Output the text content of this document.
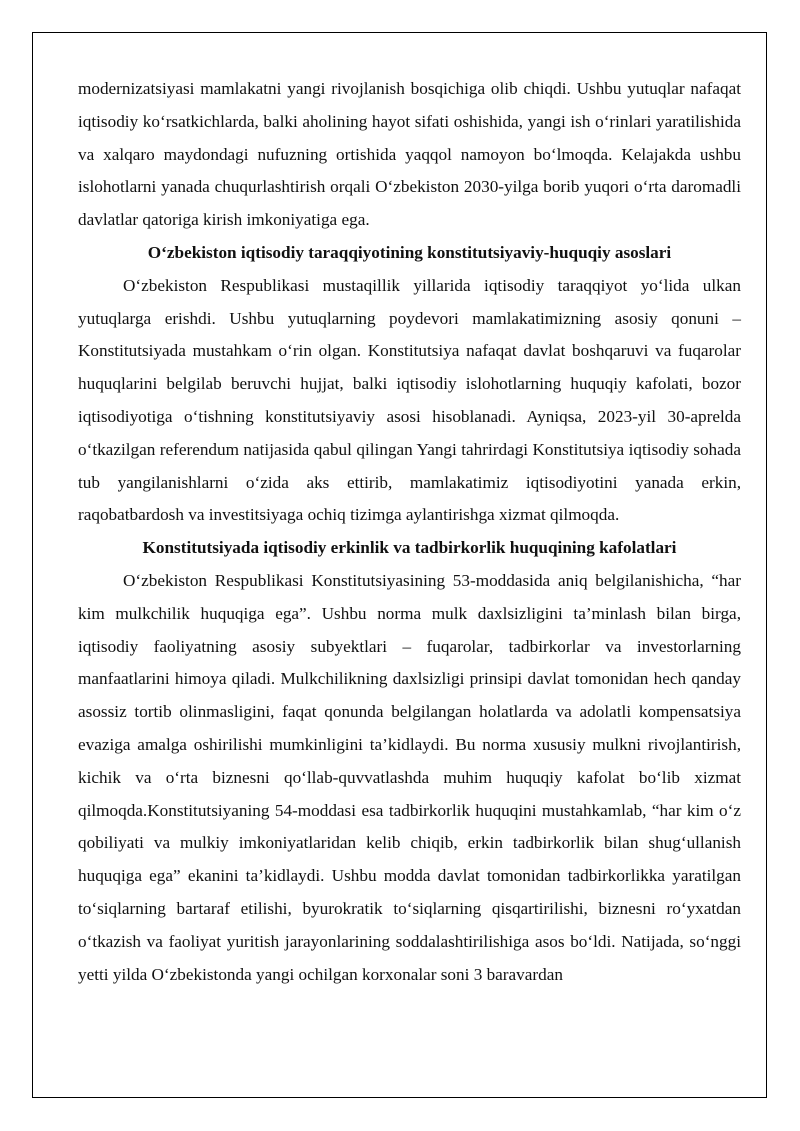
modernizatsiyasi mamlakatni yangi rivojlanish bosqichiga olib chiqdi. Ushbu yutuqlar nafaqat iqtisodiy ko‘rsatkichlarda, balki aholining hayot sifati oshishida, yangi ish o‘rinlari yaratilishida va xalqaro maydondagi nufuzning ortishida yaqqol namoyon bo‘lmoqda. Kelajakda ushbu islohotlarni yanada chuqurlashtirish orqali O‘zbekiston 2030-yilga borib yuqori o‘rta daromadli davlatlar qatoriga kirish imkoniyatiga ega.

O‘zbekiston iqtisodiy taraqqiyotining konstitutsiyaviy-huquqiy asoslari

O‘zbekiston Respublikasi mustaqillik yillarida iqtisodiy taraqqiyot yo‘lida ulkan yutuqlarga erishdi. Ushbu yutuqlarning poydevori mamlakatimizning asosiy qonuni – Konstitutsiyada mustahkam o‘rin olgan. Konstitutsiya nafaqat davlat boshqaruvi va fuqarolar huquqlarini belgilab beruvchi hujjat, balki iqtisodiy islohotlarning huquqiy kafolati, bozor iqtisodiyotiga o‘tishning konstitutsiyaviy asosi hisoblanadi. Ayniqsa, 2023-yil 30-aprelda o‘tkazilgan referendum natijasida qabul qilingan Yangi tahrirdagi Konstitutsiya iqtisodiy sohada tub yangilanishlarni o‘zida aks ettirib, mamlakatimiz iqtisodiyotini yanada erkin, raqobatbardosh va investitsiyaga ochiq tizimga aylantirishga xizmat qilmoqda.

Konstitutsiyada iqtisodiy erkinlik va tadbirkorlik huquqining kafolatlari

O‘zbekiston Respublikasi Konstitutsiyasining 53-moddasida aniq belgilanishicha, “har kim mulkchilik huquqiga ega”. Ushbu norma mulk daxlsizligini ta’minlash bilan birga, iqtisodiy faoliyatning asosiy subyektlari – fuqarolar, tadbirkorlar va investorlarning manfaatlarini himoya qiladi. Mulkchilikning daxlsizligi prinsipi davlat tomonidan hech qanday asossiz tortib olinmasligini, faqat qonunda belgilangan holatlarda va adolatli kompensatsiya evaziga amalga oshirilishi mumkinligini ta’kidlaydi. Bu norma xususiy mulkni rivojlantirish, kichik va o‘rta biznesni qo‘llab-quvvatlashda muhim huquqiy kafolat bo‘lib xizmat qilmoqda.Konstitutsiyaning 54-moddasi esa tadbirkorlik huquqini mustahkamlab, “har kim o‘z qobiliyati va mulkiy imkoniyatlaridan kelib chiqib, erkin tadbirkorlik bilan shug‘ullanish huquqiga ega” ekanini ta’kidlaydi. Ushbu modda davlat tomonidan tadbirkorlikka yaratilgan to‘siqlarning bartaraf etilishi, byurokratik to‘siqlarning qisqartirilishi, biznesni ro‘yxatdan o‘tkazish va faoliyat yuritish jarayonlarining soddalashtirilishiga asos bo‘ldi. Natijada, so‘nggi yetti yilda O‘zbekistonda yangi ochilgan korxonalar soni 3 baravardan
